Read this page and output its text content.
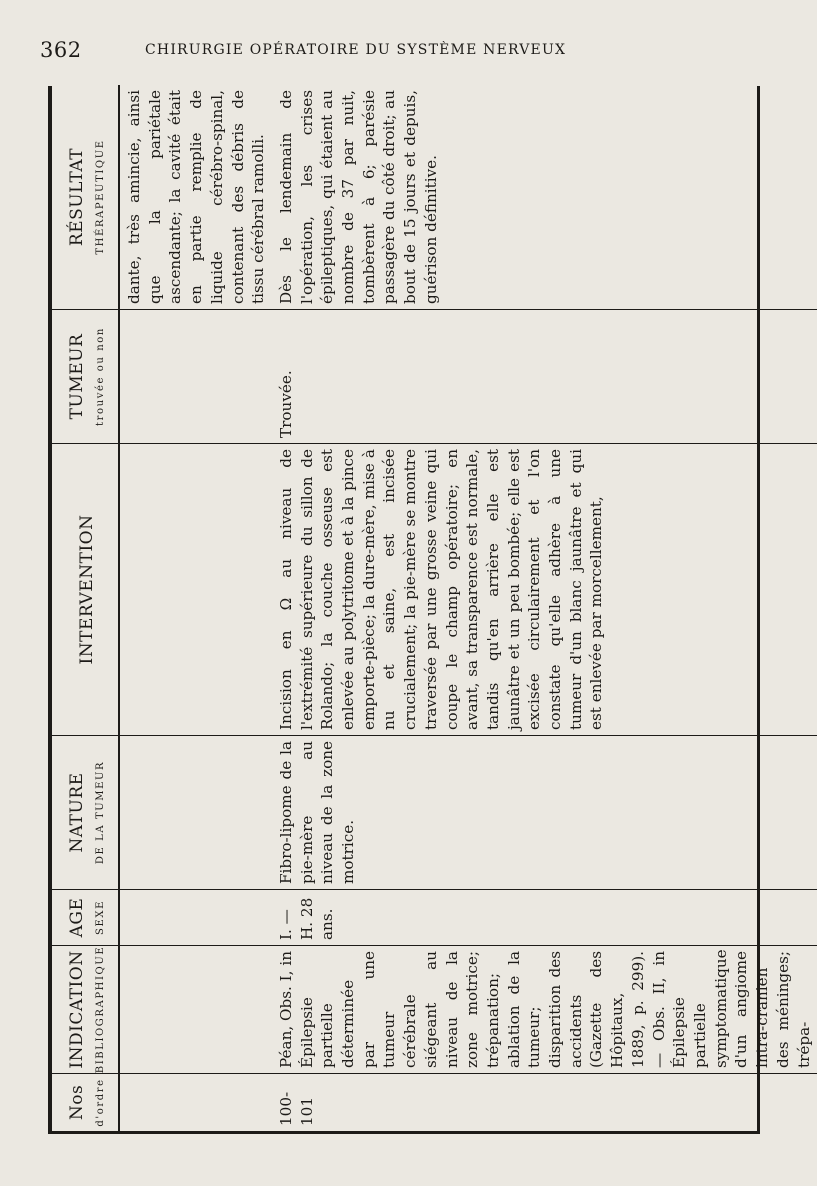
362	CHIRURGIE OPÉRATOIRE DU SYSTÈME NERVEUX
Nos d'ordre
INDICATION BIBLIOGRAPHIQUE
AGE SEXE
NATURE DE LA TUMEUR
INTERVENTION
TUMEUR trouvée ou non
RÉSULTAT THÉRAPEUTIQUE	dante, très amincie, ainsi que la pariétale ascendante; la cavité était en partie remplie de liquide cérébro-spinal, contenant des débris de tissu cérébral ramolli.
100-101
Péan, Obs. I, in Épilepsie partielle déterminée par une tumeur cérébrale siégeant au niveau de la zone motrice; trépanation; ablation de la tumeur; disparition des accidents (Gazette des Hôpitaux, 1889, p. 299). — Obs. II, in Épilepsie partielle symptomatique d'un angiome intra-cranien des méninges; trépa-
I. — H. 28 ans.
Fibro-lipome de la pie-mère au niveau de la zone motrice.
Incision en Ω au niveau de l'extrémité supérieure du sillon de Rolando; la couche osseuse est enlevée au polytritome et à la pince emporte-pièce; la dure-mère, mise à nu et saine, est incisée crucialement; la pie-mère se montre traversée par une grosse veine qui coupe le champ opératoire; en avant, sa transparence est normale, tandis qu'en arrière elle est jaunâtre et un peu bombée; elle est excisée circulairement et l'on constate qu'elle adhère à une tumeur d'un blanc jaunâtre et qui est enlevée par morcellement,
Trouvée.
Dès le lendemain de l'opération, les crises épileptiques, qui étaient au nombre de 37 par nuit, tombèrent à 6; parésie passagère du côté droit; au bout de 15 jours et depuis, guérison définitive.
